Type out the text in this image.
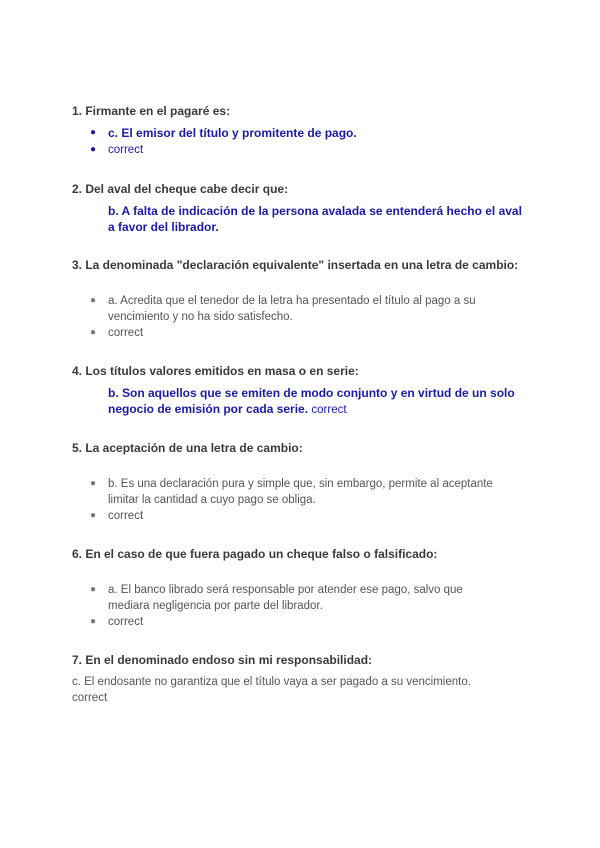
1. Firmante en el pagaré es:

● c. El emisor del título y promitente de pago.
● correct

2. Del aval del cheque cabe decir que:

b. A falta de indicación de la persona avalada se entenderá hecho el aval
a favor del librador.

3. La denominada "declaración equivalente" insertada en una letra de cambio:

● a. Acredita que el tenedor de la letra ha presentado el título al pago a su
vencimiento y no ha sido satisfecho.
● correct

4. Los títulos valores emitidos en masa o en serie:

b. Son aquellos que se emiten de modo conjunto y en virtud de un solo
negocio de emisión por cada serie. correct

5. La aceptación de una letra de cambio:

● b. Es una declaración pura y simple que, sin embargo, permite al aceptante
limitar la cantidad a cuyo pago se obliga.
● correct

6. En el caso de que fuera pagado un cheque falso o falsificado:

● a. El banco librado será responsable por atender ese pago, salvo que
mediara negligencia por parte del librador.
● correct

7. En el denominado endoso sin mi responsabilidad:

c. El endosante no garantiza que el título vaya a ser pagado a su vencimiento.
correct
